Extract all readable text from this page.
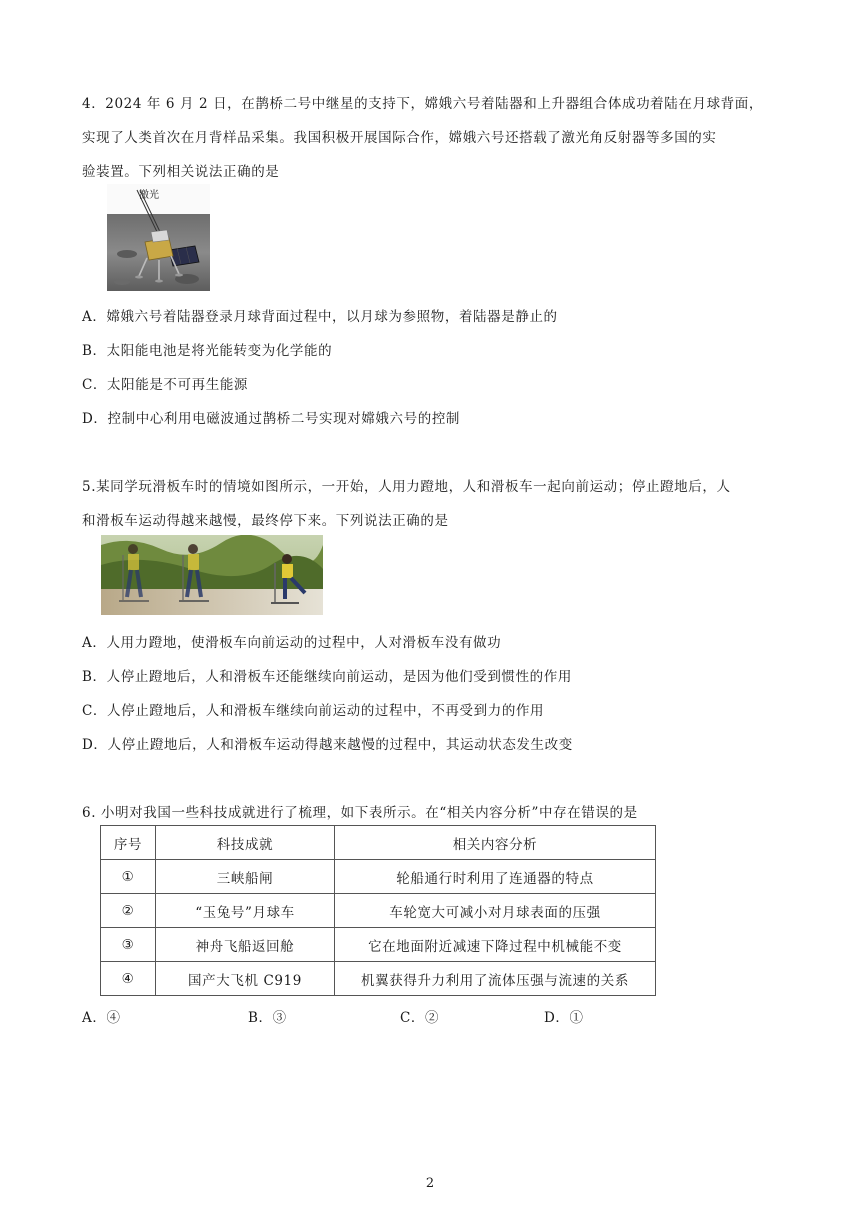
4．2024 年 6 月 2 日，在鹊桥二号中继星的支持下，嫦娥六号着陆器和上升器组合体成功着陆在月球背面，
实现了人类首次在月背样品采集。我国积极开展国际合作，嫦娥六号还搭载了激光角反射器等多国的实
验装置。下列相关说法正确的是
激光
A．嫦娥六号着陆器登录月球背面过程中，以月球为参照物，着陆器是静止的
B．太阳能电池是将光能转变为化学能的
C．太阳能是不可再生能源
D．控制中心利用电磁波通过鹊桥二号实现对嫦娥六号的控制
5.某同学玩滑板车时的情境如图所示，一开始，人用力蹬地，人和滑板车一起向前运动；停止蹬地后，人
和滑板车运动得越来越慢，最终停下来。下列说法正确的是
A．人用力蹬地，使滑板车向前运动的过程中，人对滑板车没有做功
B．人停止蹬地后，人和滑板车还能继续向前运动，是因为他们受到惯性的作用
C．人停止蹬地后，人和滑板车继续向前运动的过程中，不再受到力的作用
D．人停止蹬地后，人和滑板车运动得越来越慢的过程中，其运动状态发生改变
6. 小明对我国一些科技成就进行了梳理，如下表所示。在“相关内容分析”中存在错误的是
序号	科技成就	相关内容分析
①	三峡船闸	轮船通行时利用了连通器的特点
②	“玉兔号”月球车	车轮宽大可减小对月球表面的压强
③	神舟飞船返回舱	它在地面附近减速下降过程中机械能不变
④	国产大飞机 C919	机翼获得升力利用了流体压强与流速的关系
A．④	B．③	C．②	D．①
2
